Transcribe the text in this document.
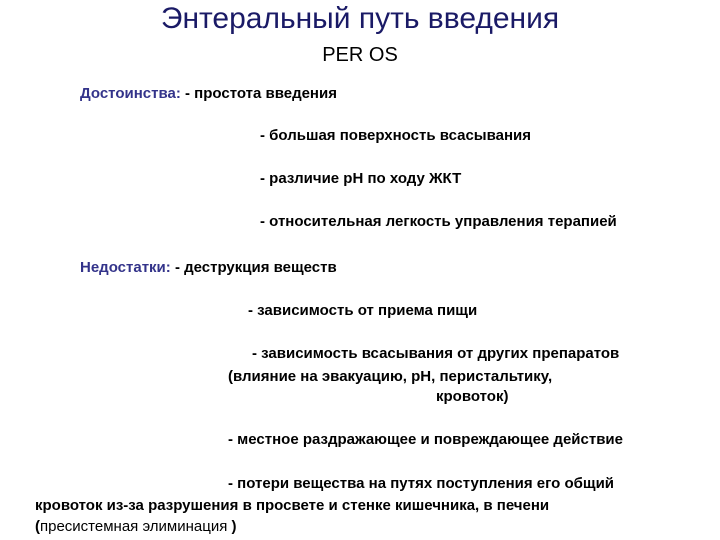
Энтеральный путь введения
PER OS
Достоинства: - простота введения
- большая поверхность всасывания
- различие рН по ходу ЖКТ
- относительная легкость управления терапией
Недостатки: - деструкция веществ
- зависимость от приема пищи
- зависимость всасывания от других препаратов
(влияние на эвакуацию, рН, перистальтику,
кровоток)
- местное раздражающее и повреждающее действие
- потери вещества на путях поступления его общий
кровоток из-за разрушения в просвете и стенке кишечника, в печени
(пресистемная элиминация )
